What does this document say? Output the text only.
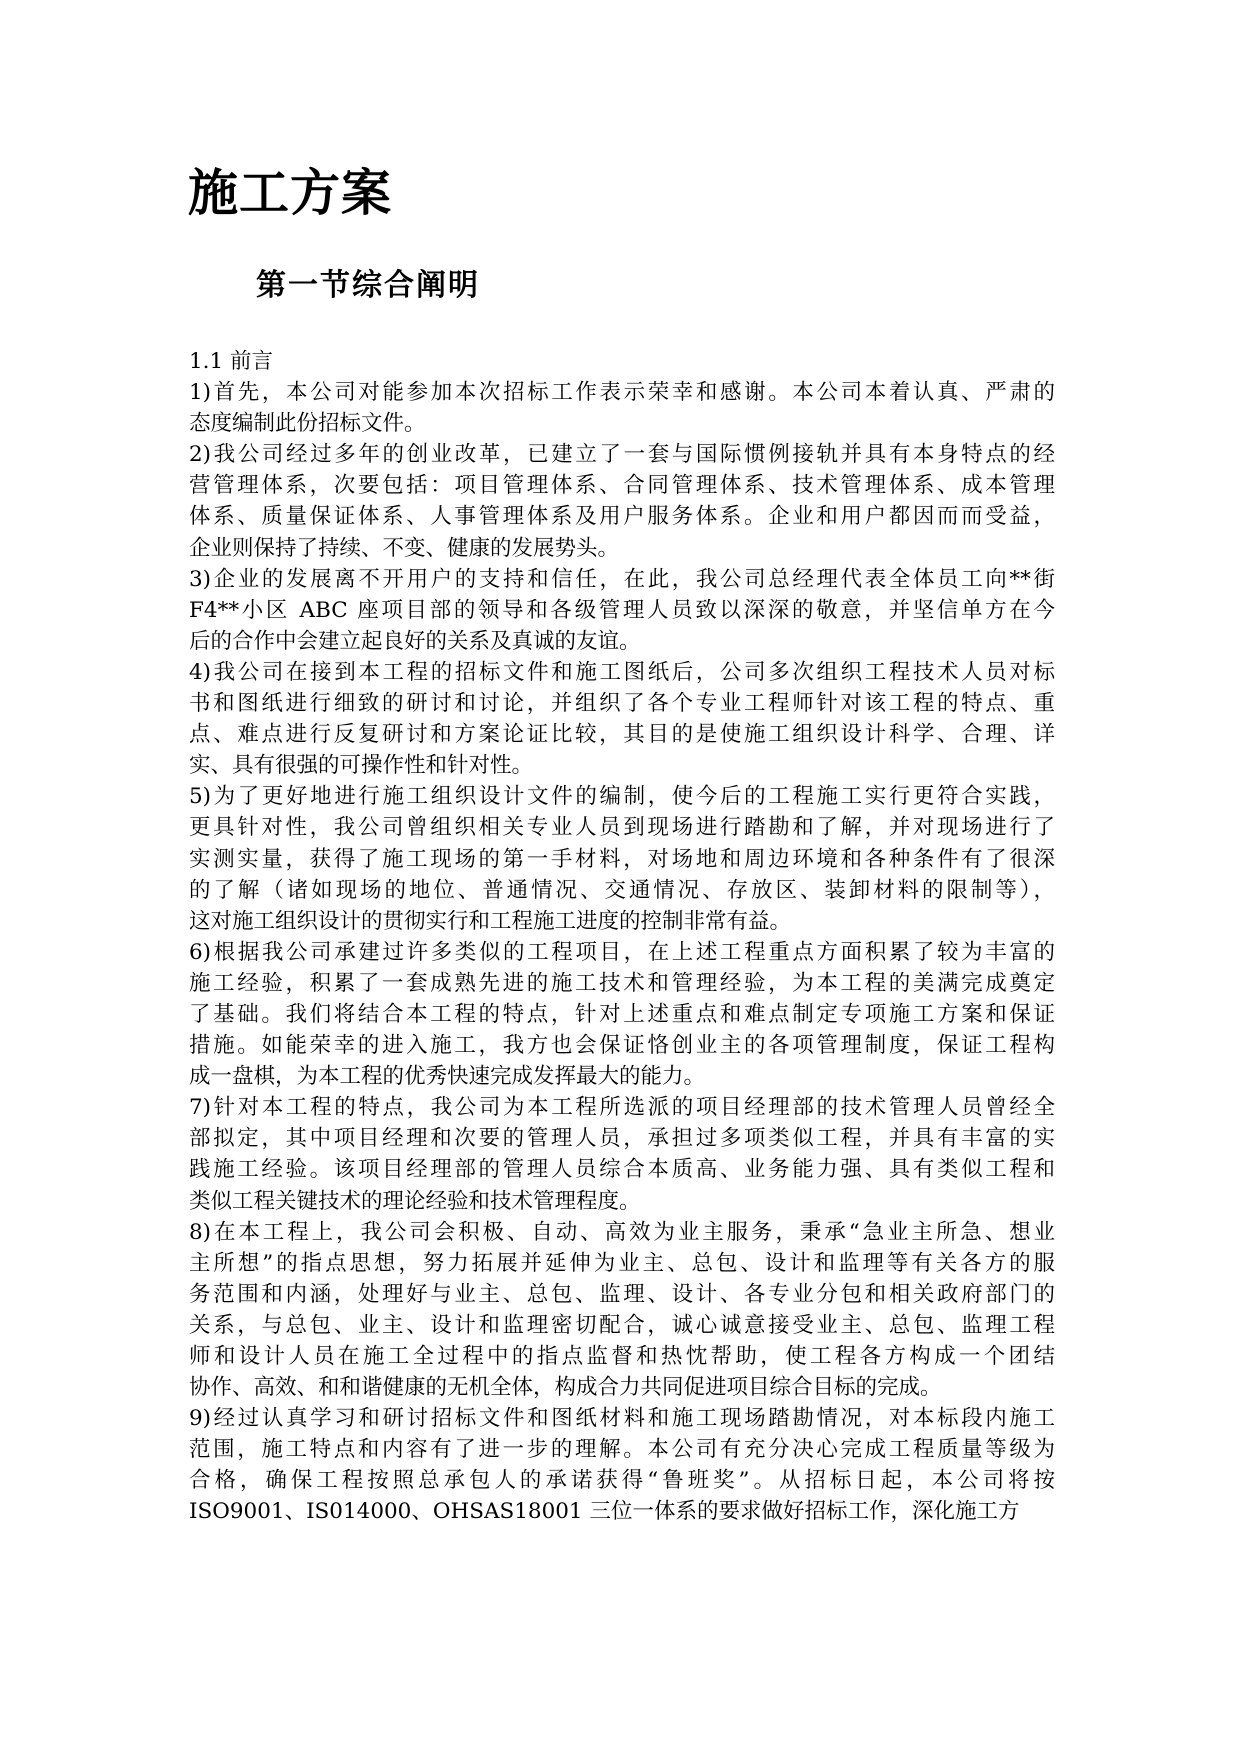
施工方案
第一节综合阐明
1.1 前言
1)首先，本公司对能参加本次招标工作表示荣幸和感谢。本公司本着认真、严肃的
态度编制此份招标文件。
2)我公司经过多年的创业改革，已建立了一套与国际惯例接轨并具有本身特点的经
营管理体系，次要包括：项目管理体系、合同管理体系、技术管理体系、成本管理
体系、质量保证体系、人事管理体系及用户服务体系。企业和用户都因而而受益，
企业则保持了持续、不变、健康的发展势头。
3)企业的发展离不开用户的支持和信任，在此，我公司总经理代表全体员工向**街
F4**小区 ABC 座项目部的领导和各级管理人员致以深深的敬意，并坚信单方在今
后的合作中会建立起良好的关系及真诚的友谊。
4)我公司在接到本工程的招标文件和施工图纸后，公司多次组织工程技术人员对标
书和图纸进行细致的研讨和讨论，并组织了各个专业工程师针对该工程的特点、重
点、难点进行反复研讨和方案论证比较，其目的是使施工组织设计科学、合理、详
实、具有很强的可操作性和针对性。
5)为了更好地进行施工组织设计文件的编制，使今后的工程施工实行更符合实践，
更具针对性，我公司曾组织相关专业人员到现场进行踏勘和了解，并对现场进行了
实测实量，获得了施工现场的第一手材料，对场地和周边环境和各种条件有了很深
的了解（诸如现场的地位、普通情况、交通情况、存放区、装卸材料的限制等），
这对施工组织设计的贯彻实行和工程施工进度的控制非常有益。
6)根据我公司承建过许多类似的工程项目，在上述工程重点方面积累了较为丰富的
施工经验，积累了一套成熟先进的施工技术和管理经验，为本工程的美满完成奠定
了基础。我们将结合本工程的特点，针对上述重点和难点制定专项施工方案和保证
措施。如能荣幸的进入施工，我方也会保证恪创业主的各项管理制度，保证工程构
成一盘棋，为本工程的优秀快速完成发挥最大的能力。
7)针对本工程的特点，我公司为本工程所选派的项目经理部的技术管理人员曾经全
部拟定，其中项目经理和次要的管理人员，承担过多项类似工程，并具有丰富的实
践施工经验。该项目经理部的管理人员综合本质高、业务能力强、具有类似工程和
类似工程关键技术的理论经验和技术管理程度。
8)在本工程上，我公司会积极、自动、高效为业主服务，秉承“急业主所急、想业
主所想”的指点思想，努力拓展并延伸为业主、总包、设计和监理等有关各方的服
务范围和内涵，处理好与业主、总包、监理、设计、各专业分包和相关政府部门的
关系，与总包、业主、设计和监理密切配合，诚心诚意接受业主、总包、监理工程
师和设计人员在施工全过程中的指点监督和热忱帮助，使工程各方构成一个团结
协作、高效、和和谐健康的无机全体，构成合力共同促进项目综合目标的完成。
9)经过认真学习和研讨招标文件和图纸材料和施工现场踏勘情况，对本标段内施工
范围，施工特点和内容有了进一步的理解。本公司有充分决心完成工程质量等级为
合格，确保工程按照总承包人的承诺获得“鲁班奖”。从招标日起，本公司将按
ISO9001、IS014000、OHSAS18001 三位一体系的要求做好招标工作，深化施工方
